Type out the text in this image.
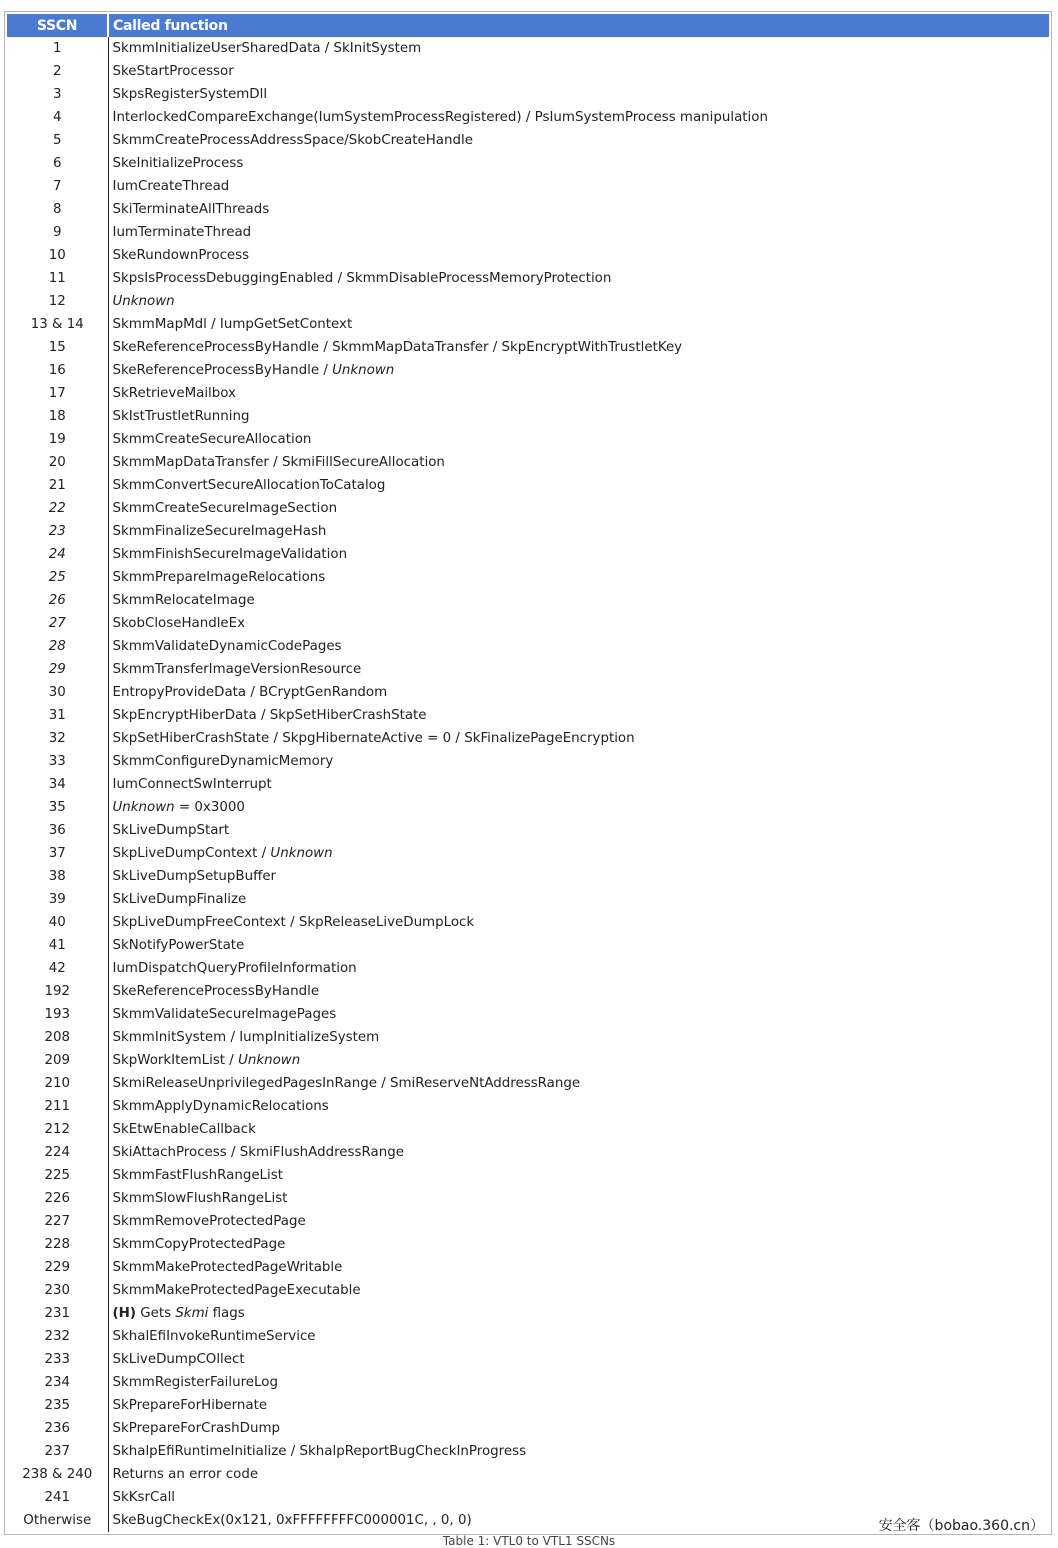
SSCN	Called function
1	SkmmInitializeUserSharedData / SkInitSystem
2	SkeStartProcessor
3	SkpsRegisterSystemDll
4	InterlockedCompareExchange(IumSystemProcessRegistered) / PsIumSystemProcess manipulation
5	SkmmCreateProcessAddressSpace/SkobCreateHandle
6	SkeInitializeProcess
7	IumCreateThread
8	SkiTerminateAllThreads
9	IumTerminateThread
10	SkeRundownProcess
11	SkpsIsProcessDebuggingEnabled / SkmmDisableProcessMemoryProtection
12	Unknown
13 & 14	SkmmMapMdl / IumpGetSetContext
15	SkeReferenceProcessByHandle / SkmmMapDataTransfer / SkpEncryptWithTrustletKey
16	SkeReferenceProcessByHandle / Unknown
17	SkRetrieveMailbox
18	SkIstTrustletRunning
19	SkmmCreateSecureAllocation
20	SkmmMapDataTransfer / SkmiFillSecureAllocation
21	SkmmConvertSecureAllocationToCatalog
22	SkmmCreateSecureImageSection
23	SkmmFinalizeSecureImageHash
24	SkmmFinishSecureImageValidation
25	SkmmPrepareImageRelocations
26	SkmmRelocateImage
27	SkobCloseHandleEx
28	SkmmValidateDynamicCodePages
29	SkmmTransferImageVersionResource
30	EntropyProvideData / BCryptGenRandom
31	SkpEncryptHiberData / SkpSetHiberCrashState
32	SkpSetHiberCrashState / SkpgHibernateActive = 0 / SkFinalizePageEncryption
33	SkmmConfigureDynamicMemory
34	IumConnectSwInterrupt
35	Unknown = 0x3000
36	SkLiveDumpStart
37	SkpLiveDumpContext / Unknown
38	SkLiveDumpSetupBuffer
39	SkLiveDumpFinalize
40	SkpLiveDumpFreeContext / SkpReleaseLiveDumpLock
41	SkNotifyPowerState
42	IumDispatchQueryProfileInformation
192	SkeReferenceProcessByHandle
193	SkmmValidateSecureImagePages
208	SkmmInitSystem / IumpInitializeSystem
209	SkpWorkItemList / Unknown
210	SkmiReleaseUnprivilegedPagesInRange / SmiReserveNtAddressRange
211	SkmmApplyDynamicRelocations
212	SkEtwEnableCallback
224	SkiAttachProcess / SkmiFlushAddressRange
225	SkmmFastFlushRangeList
226	SkmmSlowFlushRangeList
227	SkmmRemoveProtectedPage
228	SkmmCopyProtectedPage
229	SkmmMakeProtectedPageWritable
230	SkmmMakeProtectedPageExecutable
231	(H) Gets Skmi flags
232	SkhalEfiInvokeRuntimeService
233	SkLiveDumpCOllect
234	SkmmRegisterFailureLog
235	SkPrepareForHibernate
236	SkPrepareForCrashDump
237	SkhalpEfiRuntimeInitialize / SkhalpReportBugCheckInProgress
238 & 240	Returns an error code
241	SkKsrCall
Otherwise	SkeBugCheckEx(0x121, 0xFFFFFFFFC000001C, , 0, 0)	安全客（bobao.360.cn）
Table 1: VTL0 to VTL1 SSCNs
